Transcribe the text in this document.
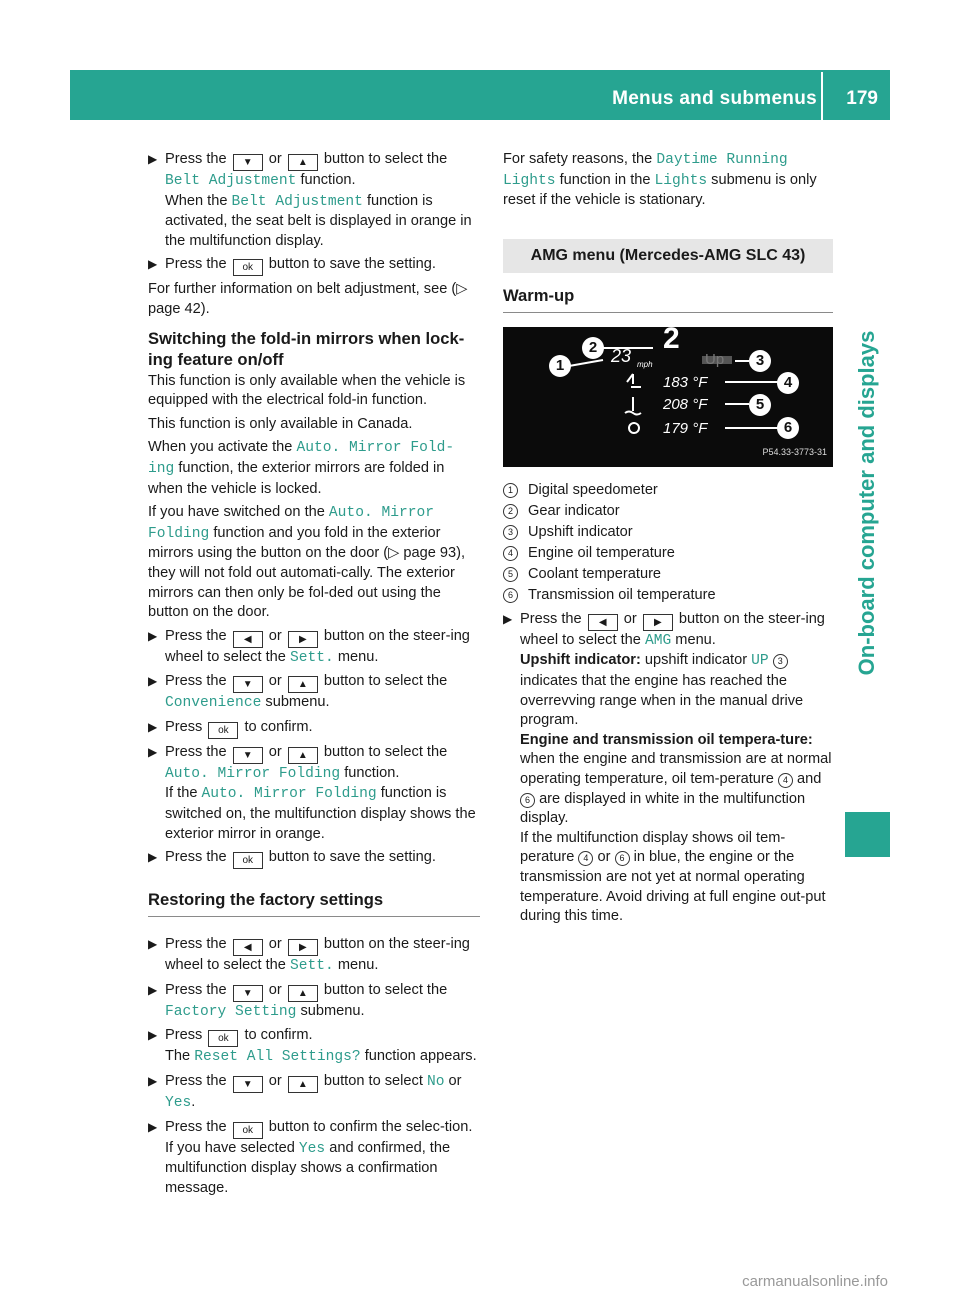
Menus and submenus 179
On-board computer and displays
▶ Press the ▼ or ▲ button to select the Belt Adjustment function.
When the Belt Adjustment function is activated, the seat belt is displayed in orange in the multifunction display.
▶ Press the ok button to save the setting.

For further information on belt adjustment, see (▷ page 42).

Switching the fold-in mirrors when lock-ing feature on/off

This function is only available when the vehicle is equipped with the electrical fold-in function.

This function is only available in Canada.

When you activate the Auto. Mirror Fold-ing function, the exterior mirrors are folded in when the vehicle is locked.

If you have switched on the Auto. Mirror Folding function and you fold in the exterior mirrors using the button on the door (▷ page 93), they will not fold out automati-cally. The exterior mirrors can then only be fol-ded out using the button on the door.

▶ Press the ◀ or ▶ button on the steer-ing wheel to select the Sett. menu.
▶ Press the ▼ or ▲ button to select the Convenience submenu.
▶ Press ok to confirm.
▶ Press the ▼ or ▲ button to select the Auto. Mirror Folding function.
If the Auto. Mirror Folding function is switched on, the multifunction display shows the exterior mirror in orange.
▶ Press the ok button to save the setting.
Restoring the factory settings
▶ Press the ◀ or ▶ button on the steer-ing wheel to select the Sett. menu.
▶ Press the ▼ or ▲ button to select the Factory Setting submenu.
▶ Press ok to confirm.
The Reset All Settings? function appears.
▶ Press the ▼ or ▲ button to select No or Yes.
▶ Press the ok button to confirm the selec-tion.
If you have selected Yes and confirmed, the multifunction display shows a confirmation message.

For safety reasons, the Daytime Running Lights function in the Lights submenu is only reset if the vehicle is stationary.

AMG menu (Mercedes-AMG SLC 43)
Warm-up
23 mph
2
Up
183 °F
208 °F
179 °F
1
2
3
4
5
6
P54.33-3773-31
1	Digital speedometer
2	Gear indicator
3	Upshift indicator
4	Engine oil temperature
5	Coolant temperature
6	Transmission oil temperature
▶ Press the ◀ or ▶ button on the steer-ing wheel to select the AMG menu.
Upshift indicator: upshift indicator UP 3 indicates that the engine has reached the overrevving range when in the manual drive program.
Engine and transmission oil tempera-ture: when the engine and transmission are at normal operating temperature, oil tem-perature 4 and 6 are displayed in white in the multifunction display.
If the multifunction display shows oil tem-perature 4 or 6 in blue, the engine or the transmission are not yet at normal operating temperature. Avoid driving at full engine out-put during this time.
carmanualsonline.info
